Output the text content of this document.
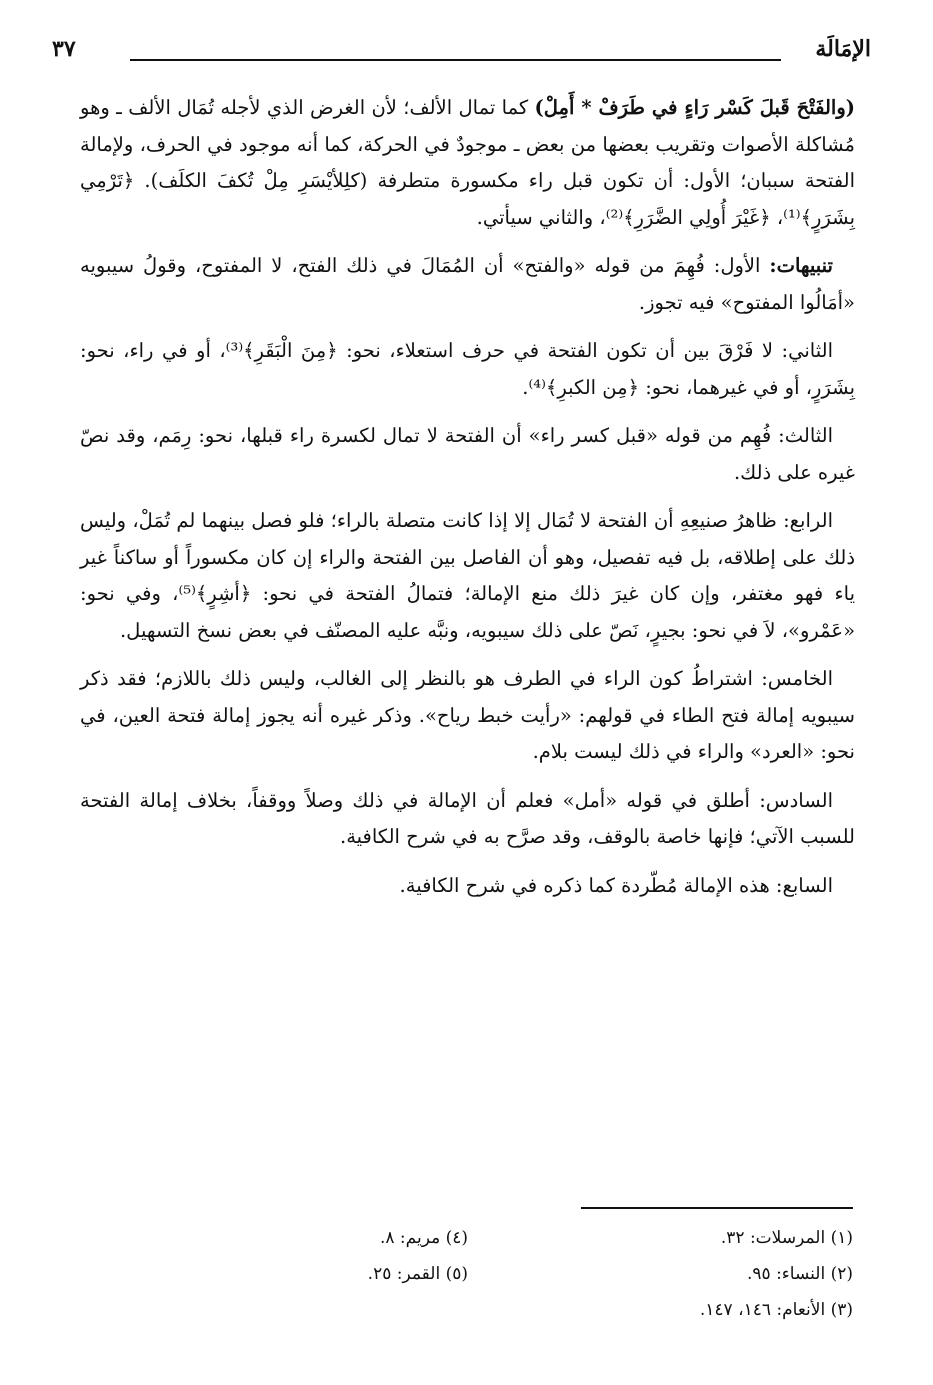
الإمَالَة
٣٧

(والفَتْحَ قَبلَ كَسْر رَاءٍ في طَرَفْ * أَمِلْ) كما تمال الألف؛ لأن الغرض الذي لأجله تُمَال الألف ـ وهو مُشاكلة الأصوات وتقريب بعضها من بعض ـ موجودٌ في الحركة، كما أنه موجود في الحرف، ولإمالة الفتحة سببان؛ الأول: أن تكون قبل راء مكسورة متطرفة (كلِلأيْسَرِ مِلْ تُكفَ الكلَف). ﴿تَرْمِي بِشَرَرٍ﴾⁽¹⁾، ﴿غَيْرَ أُولِي الضَّرَرِ﴾⁽²⁾، والثاني سيأتي.

تنبيهات: الأول: فُهِمَ من قوله «والفتح» أن المُمَالَ في ذلك الفتح، لا المفتوح، وقولُ سيبويه «أمَالُوا المفتوح» فيه تجوز.

الثاني: لا فَرْقَ بين أن تكون الفتحة في حرف استعلاء، نحو: ﴿مِنَ الْبَقَرِ﴾⁽³⁾، أو في راء، نحو: بِشَرَرٍ، أو في غيرهما، نحو: ﴿مِن الكبرِ﴾⁽⁴⁾.

الثالث: فُهِم من قوله «قبل كسر راء» أن الفتحة لا تمال لكسرة راء قبلها، نحو: رِمَم، وقد نصّ غيره على ذلك.

الرابع: ظاهرُ صنيعِهِ أن الفتحة لا تُمَال إلا إذا كانت متصلة بالراء؛ فلو فصل بينهما لم تُمَلْ، وليس ذلك على إطلاقه، بل فيه تفصيل، وهو أن الفاصل بين الفتحة والراء إن كان مكسوراً أو ساكناً غير ياء فهو مغتفر، وإن كان غيرَ ذلك منع الإمالة؛ فتمالُ الفتحة في نحو: ﴿أشِرٍ﴾⁽⁵⁾، وفي نحو: «عَمْرو»، لاَ في نحو: بجيرٍ، نَصّ على ذلك سيبويه، ونبَّه عليه المصنّف في بعض نسخ التسهيل.

الخامس: اشتراطُ كون الراء في الطرف هو بالنظر إلى الغالب، وليس ذلك باللازم؛ فقد ذكر سيبويه إمالة فتح الطاء في قولهم: «رأيت خبط رياح». وذكر غيره أنه يجوز إمالة فتحة العين، في نحو: «العرد» والراء في ذلك ليست بلام.

السادس: أطلق في قوله «أمل» فعلم أن الإمالة في ذلك وصلاً ووقفاً، بخلاف إمالة الفتحة للسبب الآتي؛ فإنها خاصة بالوقف، وقد صرَّح به في شرح الكافية.

السابع: هذه الإمالة مُطّردة كما ذكره في شرح الكافية.

(١) المرسلات: ٣٢.
(٢) النساء: ٩٥.
(٣) الأنعام: ١٤٦، ١٤٧.
(٤) مريم: ٨.
(٥) القمر: ٢٥.
